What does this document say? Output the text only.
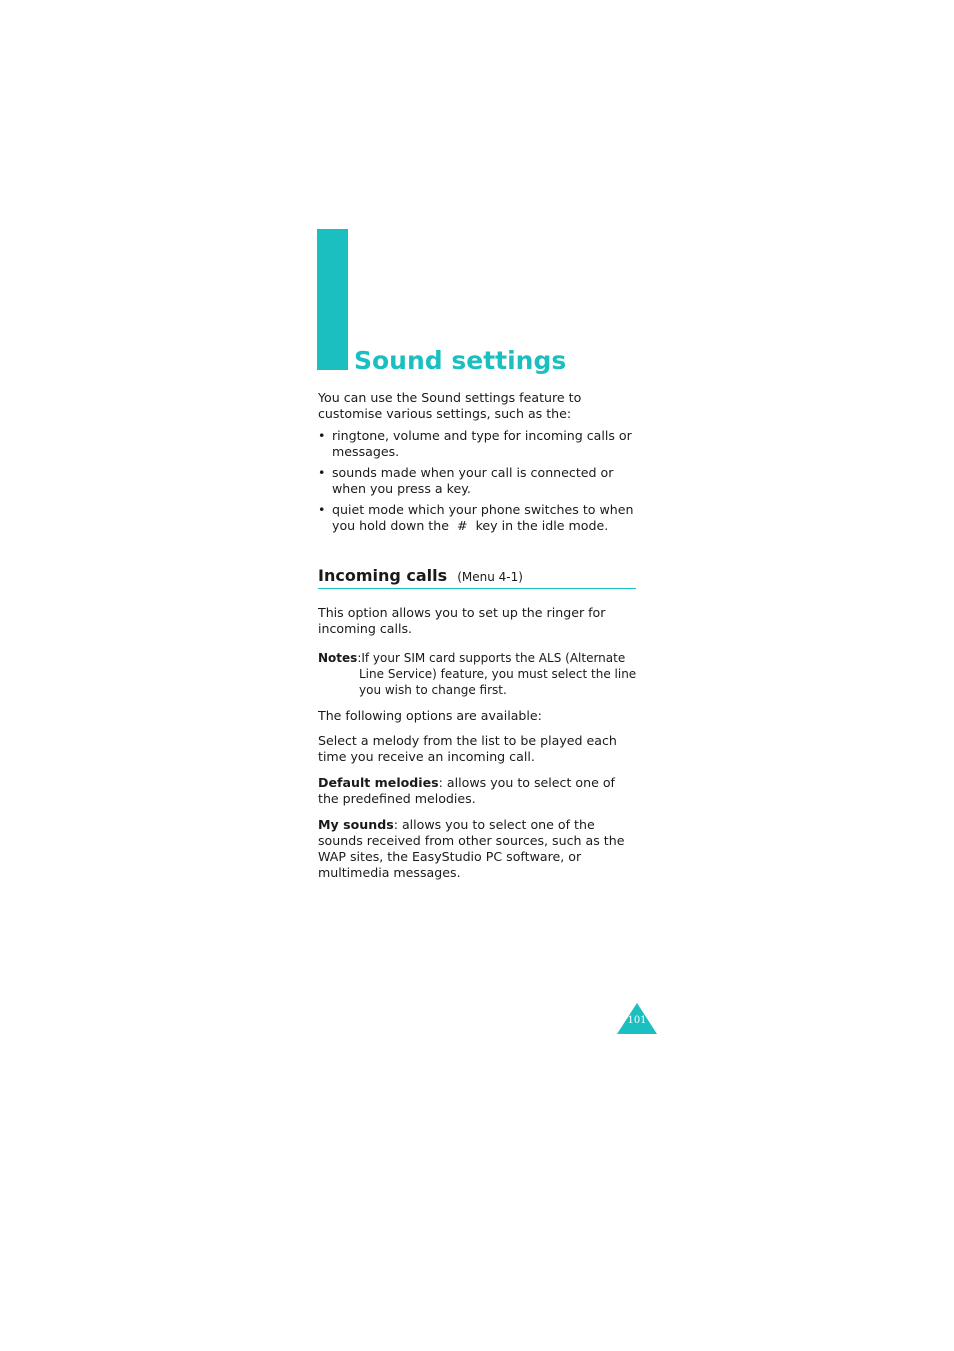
Sound settings

You can use the Sound settings feature to customise various settings, such as the:

• ringtone, volume and type for incoming calls or messages.
• sounds made when your call is connected or when you press a key.
• quiet mode which your phone switches to when you hold down the # key in the idle mode.
Incoming calls (Menu 4-1)

This option allows you to set up the ringer for incoming calls.

Notes:If your SIM card supports the ALS (Alternate
Line Service) feature, you must select the line you wish to change first.

The following options are available:

Select a melody from the list to be played each time you receive an incoming call.

Default melodies: allows you to select one of the predefined melodies.

My sounds: allows you to select one of the sounds received from other sources, such as the WAP sites, the EasyStudio PC software, or multimedia messages.

101
